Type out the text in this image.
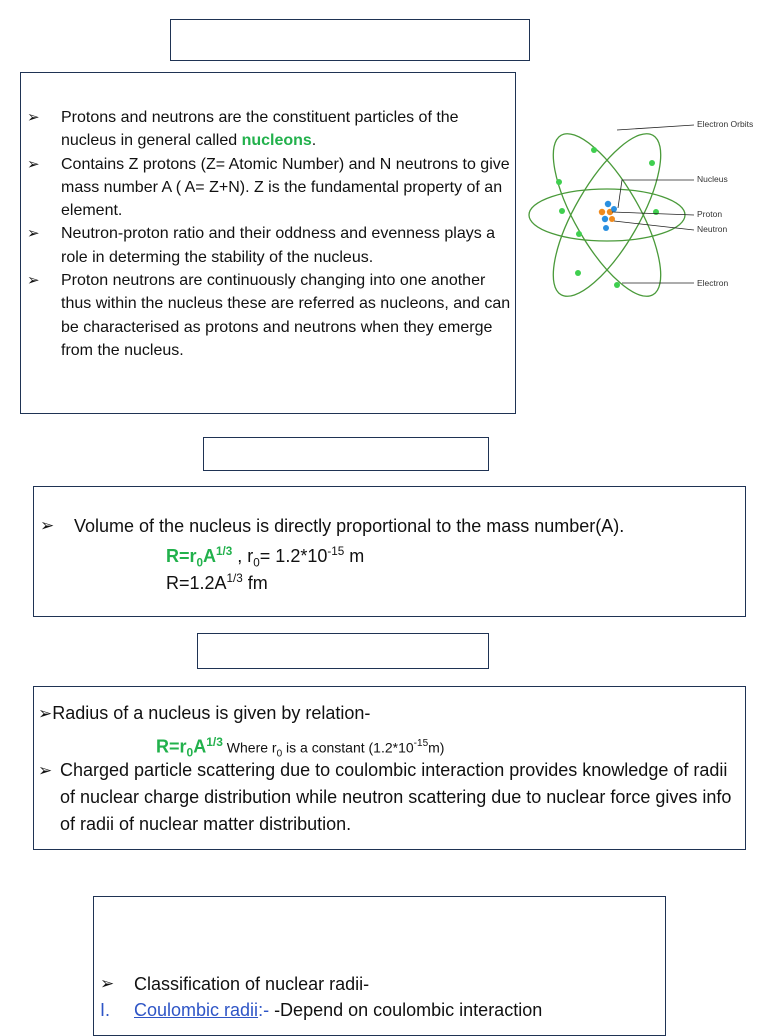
➢ Protons and neutrons are the constituent particles of the nucleus in general called nucleons.
➢ Contains Z protons (Z= Atomic Number) and N neutrons to give mass number A ( A= Z+N). Z is the fundamental property of an element.
➢ Neutron-proton ratio and their oddness and evenness plays a role in determing the stability of the nucleus.
➢ Proton neutrons are continuously changing into one another thus within the nucleus these are referred as nucleons, and can be characterised as protons and neutrons when they emerge from the nucleus.
Electron Orbits
Nucleus
Proton
Neutron
Electron
➢ Volume of the nucleus is directly proportional to the mass number(A).
$R=r_0A^{1/3}$ , $r_0= 1.2*10^{-15}$ m
$R=1.2A^{1/3}$ fm
➢Radius of a nucleus is given by relation-
$R=r_0A^{1/3}$ Where $r_0$ is a constant $(1.2*10^{-15}m)$
➢ Charged particle scattering due to coulombic interaction provides knowledge of radii of nuclear charge distribution while neutron scattering due to nuclear force gives info of radii of nuclear matter distribution.
➢ Classification of nuclear radii-
I. Coulombic radii:- -Depend on coulombic interaction
